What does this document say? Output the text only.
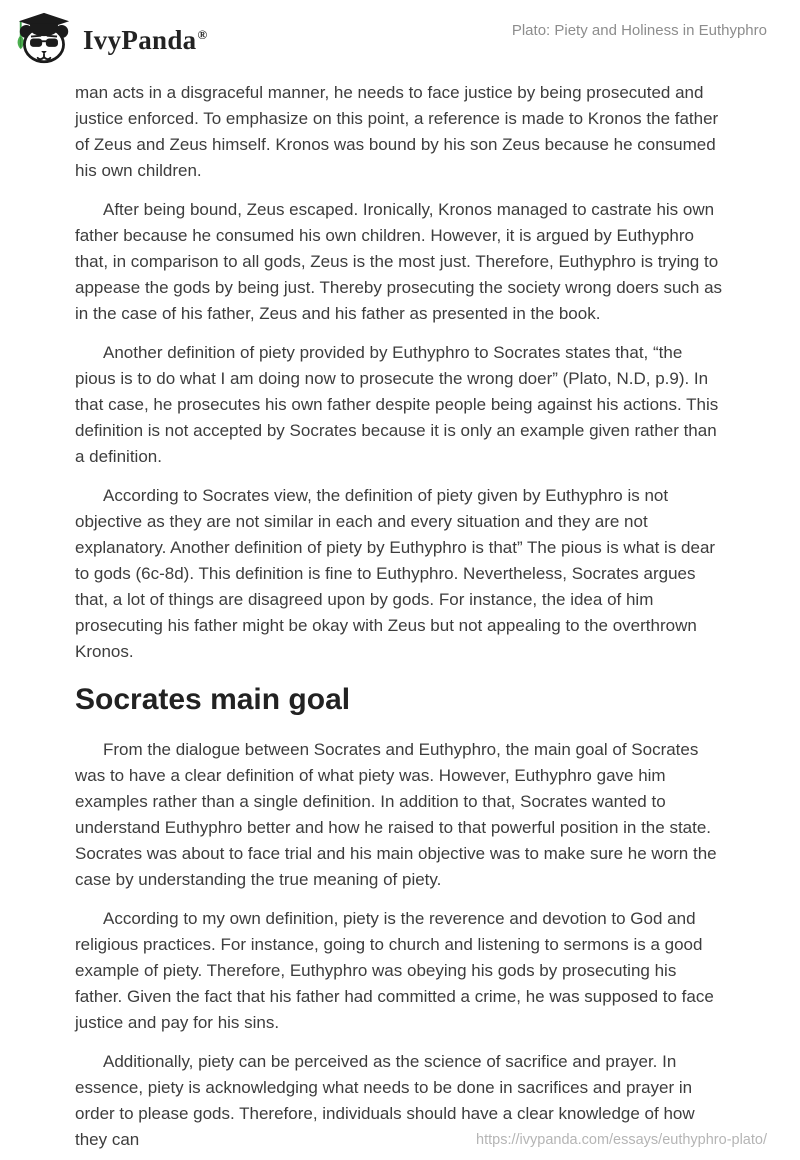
IvyPanda®	Plato: Piety and Holiness in Euthyphro

man acts in a disgraceful manner, he needs to face justice by being prosecuted and justice enforced. To emphasize on this point, a reference is made to Kronos the father of Zeus and Zeus himself. Kronos was bound by his son Zeus because he consumed his own children.

After being bound, Zeus escaped. Ironically, Kronos managed to castrate his own father because he consumed his own children. However, it is argued by Euthyphro that, in comparison to all gods, Zeus is the most just. Therefore, Euthyphro is trying to appease the gods by being just. Thereby prosecuting the society wrong doers such as in the case of his father, Zeus and his father as presented in the book.

Another definition of piety provided by Euthyphro to Socrates states that, “the pious is to do what I am doing now to prosecute the wrong doer” (Plato, N.D, p.9). In that case, he prosecutes his own father despite people being against his actions. This definition is not accepted by Socrates because it is only an example given rather than a definition.

According to Socrates view, the definition of piety given by Euthyphro is not objective as they are not similar in each and every situation and they are not explanatory. Another definition of piety by Euthyphro is that” The pious is what is dear to gods (6c-8d). This definition is fine to Euthyphro. Nevertheless, Socrates argues that, a lot of things are disagreed upon by gods. For instance, the idea of him prosecuting his father might be okay with Zeus but not appealing to the overthrown Kronos.

Socrates main goal

From the dialogue between Socrates and Euthyphro, the main goal of Socrates was to have a clear definition of what piety was. However, Euthyphro gave him examples rather than a single definition. In addition to that, Socrates wanted to understand Euthyphro better and how he raised to that powerful position in the state. Socrates was about to face trial and his main objective was to make sure he worn the case by understanding the true meaning of piety.

According to my own definition, piety is the reverence and devotion to God and religious practices. For instance, going to church and listening to sermons is a good example of piety. Therefore, Euthyphro was obeying his gods by prosecuting his father. Given the fact that his father had committed a crime, he was supposed to face justice and pay for his sins.

Additionally, piety can be perceived as the science of sacrifice and prayer. In essence, piety is acknowledging what needs to be done in sacrifices and prayer in order to please gods. Therefore, individuals should have a clear knowledge of how they can	https://ivypanda.com/essays/euthyphro-plato/
